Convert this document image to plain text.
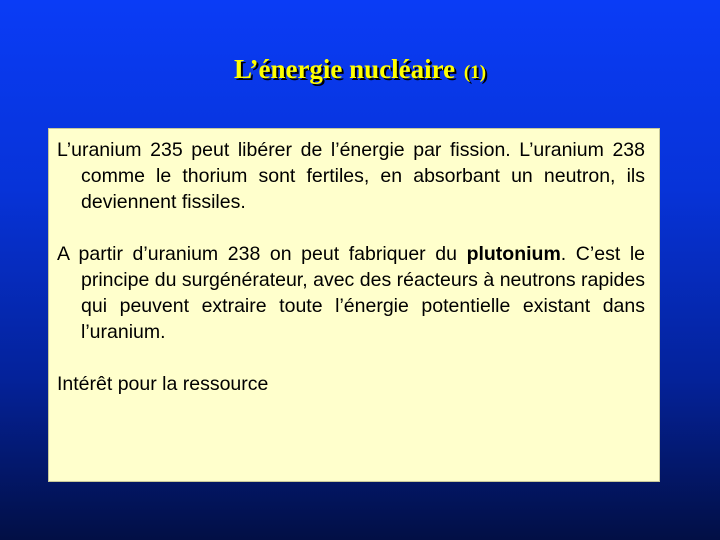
L’énergie nucléaire (1)

L’uranium 235 peut libérer de l’énergie par fission. L’uranium 238 comme le thorium sont fertiles, en absorbant un neutron, ils deviennent fissiles.

A partir d’uranium 238 on peut fabriquer du plutonium. C’est le principe du surgénérateur, avec des réacteurs à neutrons rapides qui peuvent extraire toute l’énergie potentielle existant dans l’uranium.

Intérêt pour la ressource
